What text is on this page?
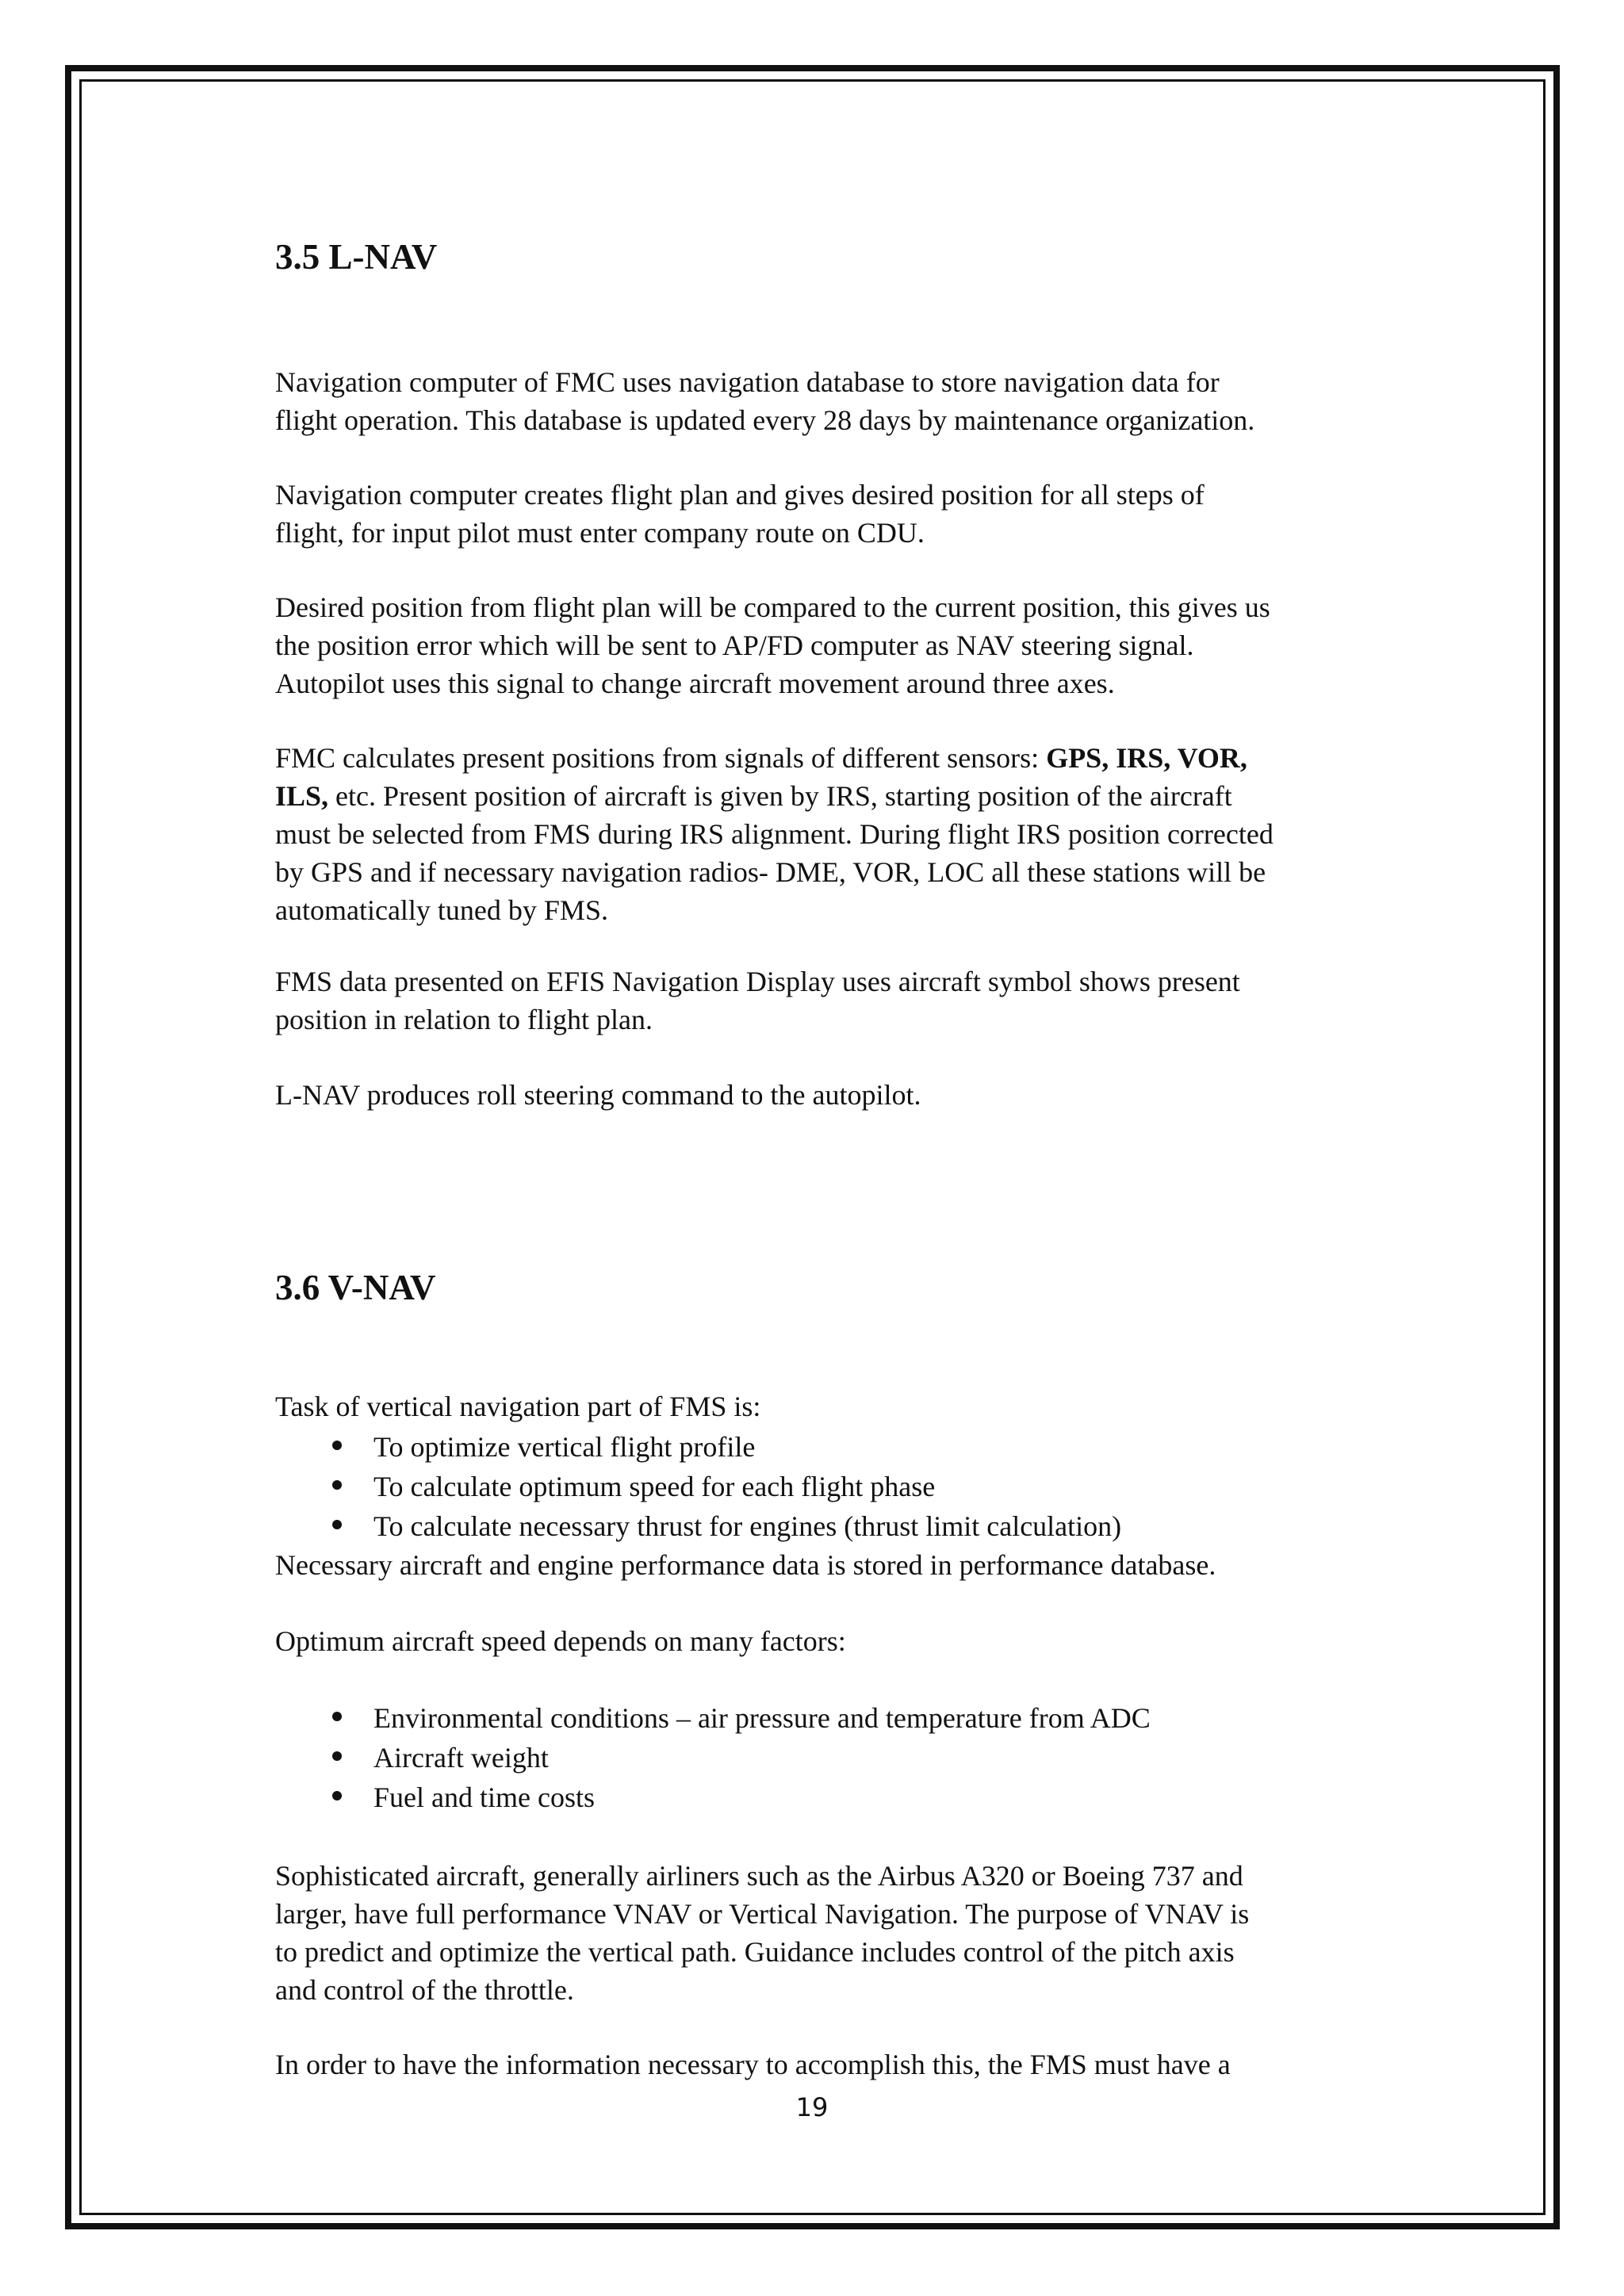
3.5 L-NAV

Navigation computer of FMC uses navigation database to store navigation data for
flight operation. This database is updated every 28 days by maintenance organization.

Navigation computer creates flight plan and gives desired position for all steps of
flight, for input pilot must enter company route on CDU.

Desired position from flight plan will be compared to the current position, this gives us
the position error which will be sent to AP/FD computer as NAV steering signal.
Autopilot uses this signal to change aircraft movement around three axes.

FMC calculates present positions from signals of different sensors: GPS, IRS, VOR,
ILS, etc. Present position of aircraft is given by IRS, starting position of the aircraft
must be selected from FMS during IRS alignment. During flight IRS position corrected
by GPS and if necessary navigation radios- DME, VOR, LOC all these stations will be
automatically tuned by FMS.

FMS data presented on EFIS Navigation Display uses aircraft symbol shows present
position in relation to flight plan.

L-NAV produces roll steering command to the autopilot.

3.6 V-NAV

Task of vertical navigation part of FMS is:

To optimize vertical flight profile
To calculate optimum speed for each flight phase
To calculate necessary thrust for engines (thrust limit calculation)

Necessary aircraft and engine performance data is stored in performance database.

Optimum aircraft speed depends on many factors:

Environmental conditions – air pressure and temperature from ADC
Aircraft weight
Fuel and time costs

Sophisticated aircraft, generally airliners such as the Airbus A320 or Boeing 737 and
larger, have full performance VNAV or Vertical Navigation. The purpose of VNAV is
to predict and optimize the vertical path. Guidance includes control of the pitch axis
and control of the throttle.

In order to have the information necessary to accomplish this, the FMS must have a

19
